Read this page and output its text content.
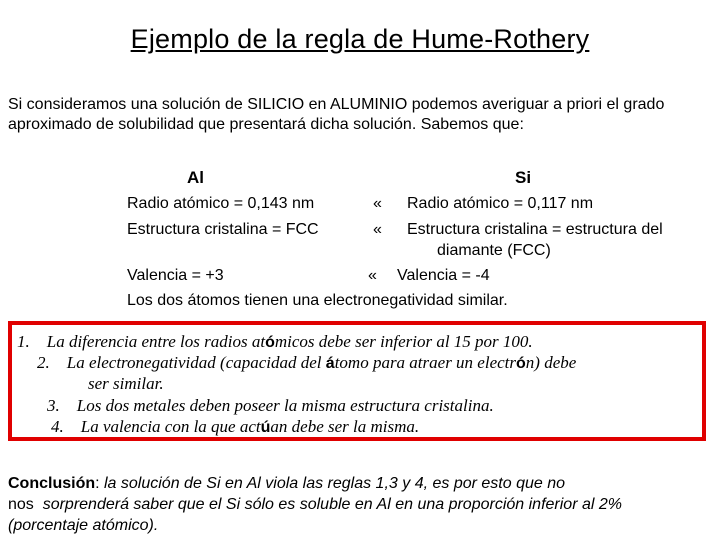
Ejemplo de la regla de Hume-Rothery
Si consideramos una solución de SILICIO en ALUMINIO podemos averiguar a priori el grado aproximado de solubilidad que presentará dicha solución. Sabemos que:
Al	Si
Radio atómico = 0,143 nm	« Radio atómico = 0,117 nm
Estructura cristalina = FCC	« Estructura cristalina = estructura del
diamante (FCC)
Valencia = +3	« Valencia = -4
Los dos átomos tienen una electronegatividad similar.
1. La diferencia entre los radios atómicos debe ser inferior al 15 por 100.
2. La electronegatividad (capacidad del átomo para atraer un electrón) debe
ser similar.
3. Los dos metales deben poseer la misma estructura cristalina.
4. La valencia con la que actúan debe ser la misma.
Conclusión: la solución de Si en Al viola las reglas 1,3 y 4, es por esto que no
nos  sorprenderá saber que el Si sólo es soluble en Al en una proporción inferior al 2%
(porcentaje atómico).
